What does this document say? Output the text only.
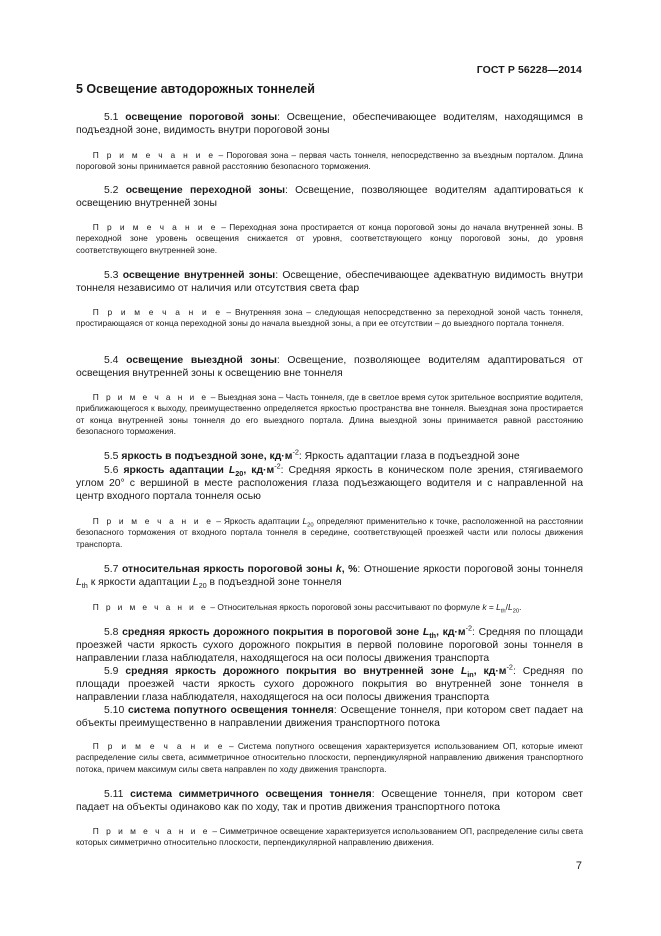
ГОСТ Р 56228—2014
5 Освещение автодорожных тоннелей

5.1 освещение пороговой зоны: Освещение, обеспечивающее водителям, находящимся в подъездной зоне, видимость внутри пороговой зоны

  П р и м е ч а н и е – Пороговая зона – первая часть тоннеля, непосредственно за въездным порталом. Длина пороговой зоны принимается равной расстоянию безопасного торможения.

5.2 освещение переходной зоны: Освещение, позволяющее водителям адаптироваться к освещению внутренней зоны

  П р и м е ч а н и е – Переходная зона простирается от конца пороговой зоны до начала внутренней зоны. В переходной зоне уровень освещения снижается от уровня, соответствующего концу пороговой зоны, до уровня соответствующего внутренней зоне.

5.3 освещение внутренней зоны: Освещение, обеспечивающее адекватную видимость внутри тоннеля независимо от наличия или отсутствия света фар

  П р и м е ч а н и е – Внутренняя зона – следующая непосредственно за переходной зоной часть тоннеля, простирающаяся от конца переходной зоны до начала выездной зоны, а при ее отсутствии – до выездного портала тоннеля.

5.4 освещение выездной зоны: Освещение, позволяющее водителям адаптироваться от освещения внутренней зоны к освещению вне тоннеля

  П р и м е ч а н и е – Выездная зона – Часть тоннеля, где в светлое время суток зрительное восприятие водителя, приближающегося к выходу, преимущественно определяется яркостью пространства вне тоннеля. Выездная зона простирается от конца внутренней зоны тоннеля до его выездного портала. Длина выездной зоны принимается равной расстоянию безопасного торможения.

5.5 яркость в подъездной зоне, $кд\cdot м^{-2}$: Яркость адаптации глаза в подъездной зоне

5.6 яркость адаптации $L_{20}$, $кд\cdot м^{-2}$: Средняя яркость в коническом поле зрения, стягиваемого углом 20° с вершиной в месте расположения глаза подъезжающего водителя и с направленной на центр входного портала тоннеля осью

  П р и м е ч а н и е – Яркость адаптации $L_{20}$ определяют применительно к точке, расположенной на расстоянии безопасного торможения от входного портала тоннеля в середине, соответствующей проезжей части или полосы движения транспорта.

5.7 относительная яркость пороговой зоны k, %: Отношение яркости пороговой зоны тоннеля $L_{th}$ к яркости адаптации $L_{20}$ в подъездной зоне тоннеля

  П р и м е ч а н и е – Относительная яркость пороговой зоны рассчитывают по формуле $k = L_{th}/L_{20}$.

5.8 средняя яркость дорожного покрытия в пороговой зоне $L_{th}$, $кд\cdot м^{-2}$: Средняя по площади проезжей части яркость сухого дорожного покрытия в первой половине пороговой зоны тоннеля в направлении глаза наблюдателя, находящегося на оси полосы движения транспорта

5.9 средняя яркость дорожного покрытия во внутренней зоне $L_{in}$, $кд\cdot м^{-2}$: Средняя по площади проезжей части яркость сухого дорожного покрытия во внутренней зоне тоннеля в направлении глаза наблюдателя, находящегося на оси полосы движения транспорта

5.10 система попутного освещения тоннеля: Освещение тоннеля, при котором свет падает на объекты преимущественно в направлении движения транспортного потока

  П р и м е ч а н и е – Система попутного освещения характеризуется использованием ОП, которые имеют распределение силы света, асимметричное относительно плоскости, перпендикулярной направлению движения транспортного потока, причем максимум силы света направлен по ходу движения транспорта.

5.11 система симметричного освещения тоннеля: Освещение тоннеля, при котором свет падает на объекты одинаково как по ходу, так и против движения транспортного потока

  П р и м е ч а н и е – Симметричное освещение характеризуется использованием ОП, распределение силы света которых симметрично относительно плоскости, перпендикулярной направлению движения.

7
